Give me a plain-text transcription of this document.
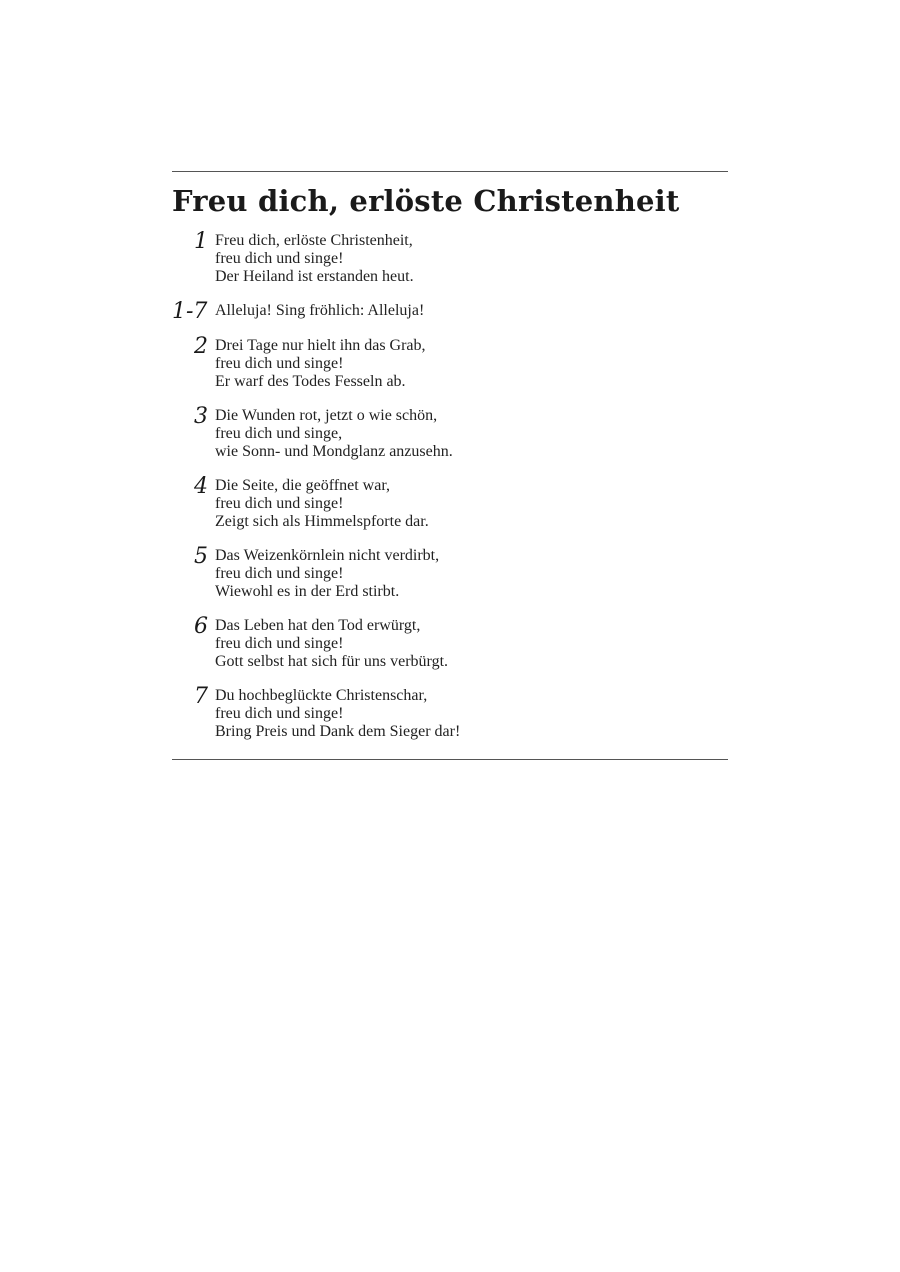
Freu dich, erlöste Christenheit
1 Freu dich, erlöste Christenheit,
freu dich und singe!
Der Heiland ist erstanden heut.
1-7 Alleluja! Sing fröhlich: Alleluja!
2 Drei Tage nur hielt ihn das Grab,
freu dich und singe!
Er warf des Todes Fesseln ab.
3 Die Wunden rot, jetzt o wie schön,
freu dich und singe,
wie Sonn- und Mondglanz anzusehn.
4 Die Seite, die geöffnet war,
freu dich und singe!
Zeigt sich als Himmelspforte dar.
5 Das Weizenkörnlein nicht verdirbt,
freu dich und singe!
Wiewohl es in der Erd stirbt.
6 Das Leben hat den Tod erwürgt,
freu dich und singe!
Gott selbst hat sich für uns verbürgt.
7 Du hochbeglückte Christenschar,
freu dich und singe!
Bring Preis und Dank dem Sieger dar!
